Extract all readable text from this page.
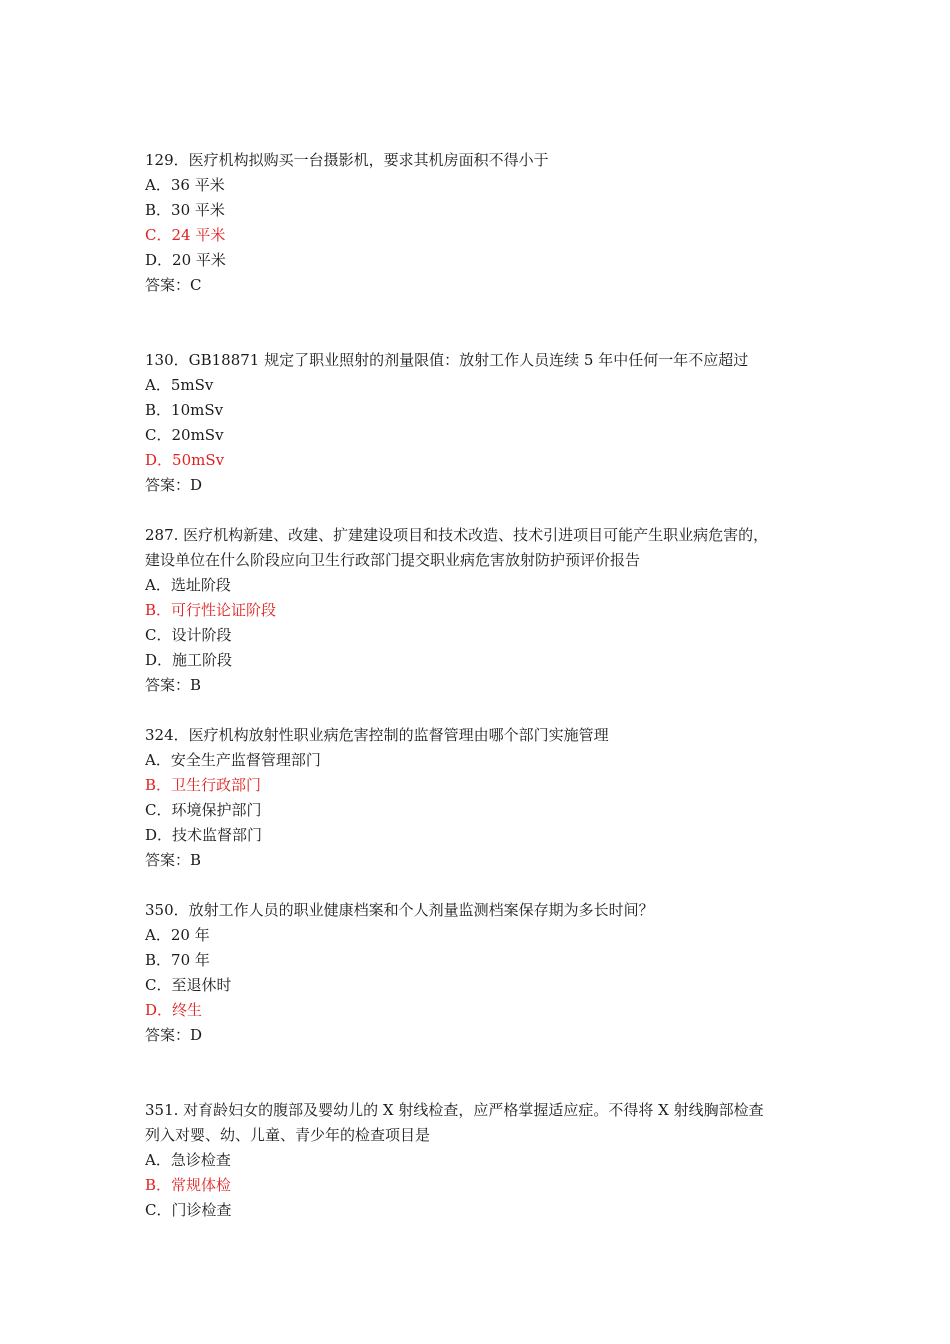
129．医疗机构拟购买一台摄影机，要求其机房面积不得小于
A．36 平米
B．30 平米
C．24 平米
D．20 平米
答案：C
130．GB18871 规定了职业照射的剂量限值：放射工作人员连续 5 年中任何一年不应超过
A．5mSv
B．10mSv
C．20mSv
D．50mSv
答案：D
287. 医疗机构新建、改建、扩建建设项目和技术改造、技术引进项目可能产生职业病危害的，
建设单位在什么阶段应向卫生行政部门提交职业病危害放射防护预评价报告
A．选址阶段
B．可行性论证阶段
C．设计阶段
D．施工阶段
答案：B
324．医疗机构放射性职业病危害控制的监督管理由哪个部门实施管理
A．安全生产监督管理部门
B．卫生行政部门
C．环境保护部门
D．技术监督部门
答案：B
350．放射工作人员的职业健康档案和个人剂量监测档案保存期为多长时间？
A．20 年
B．70 年
C．至退休时
D．终生
答案：D
351. 对育龄妇女的腹部及婴幼儿的 X 射线检查，应严格掌握适应症。不得将 X 射线胸部检查
列入对婴、幼、儿童、青少年的检查项目是
A．急诊检查
B．常规体检
C．门诊检查
